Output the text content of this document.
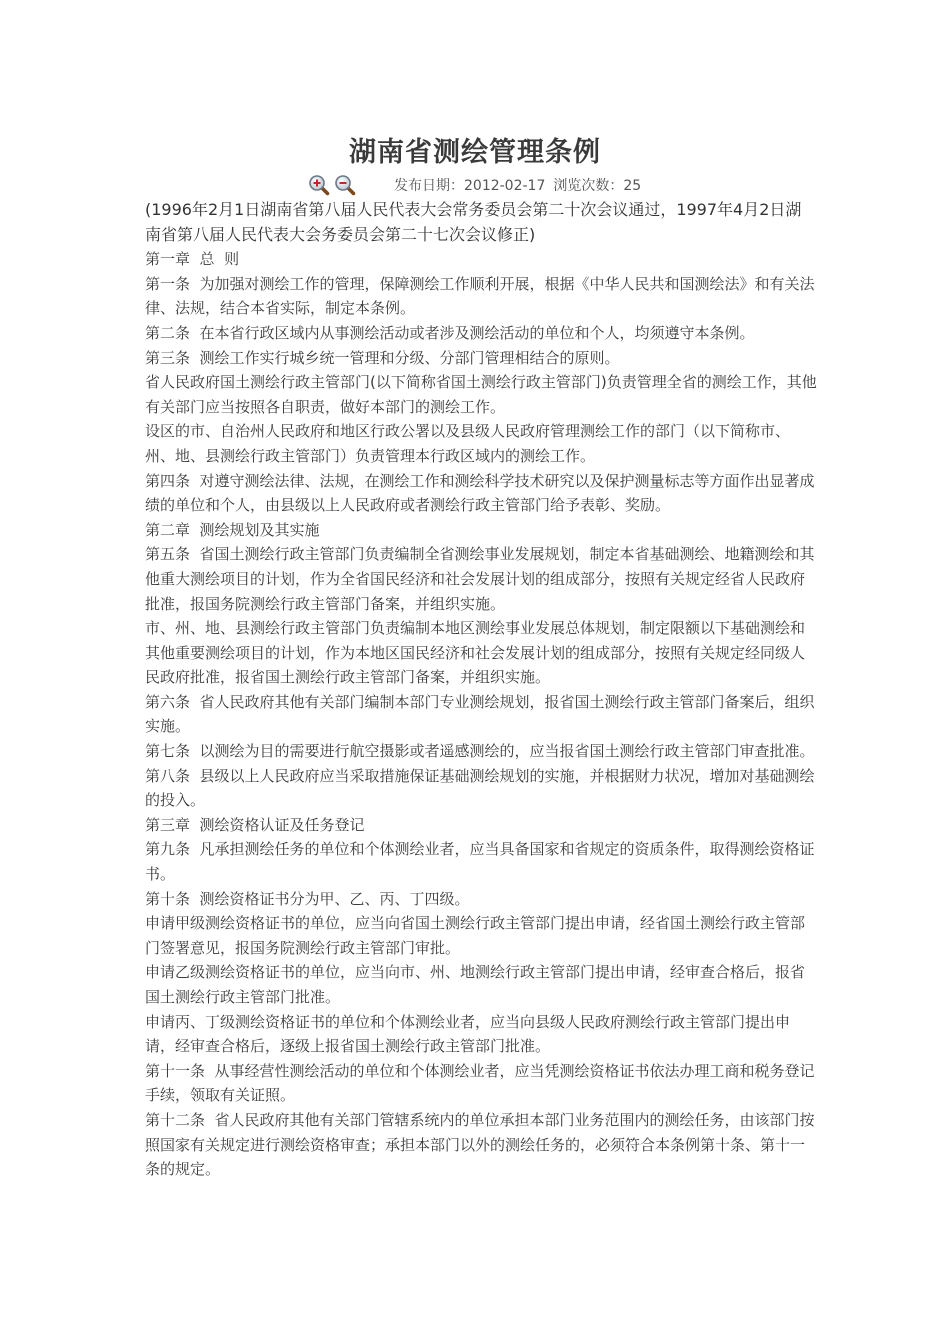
湖南省测绘管理条例
发布日期：2012-02-17 浏览次数：25

(1996年2月1日湖南省第八届人民代表大会常务委员会第二十次会议通过，1997年4月2日湖南省第八届人民代表大会务委员会第二十七次会议修正)

第一章  总  则

第一条  为加强对测绘工作的管理，保障测绘工作顺利开展，根据《中华人民共和国测绘法》和有关法律、法规，结合本省实际，制定本条例。

第二条  在本省行政区域内从事测绘活动或者涉及测绘活动的单位和个人，均须遵守本条例。

第三条  测绘工作实行城乡统一管理和分级、分部门管理相结合的原则。

省人民政府国土测绘行政主管部门(以下简称省国土测绘行政主管部门)负责管理全省的测绘工作，其他有关部门应当按照各自职责，做好本部门的测绘工作。

设区的市、自治州人民政府和地区行政公署以及县级人民政府管理测绘工作的部门（以下简称市、州、地、县测绘行政主管部门）负责管理本行政区域内的测绘工作。

第四条  对遵守测绘法律、法规，在测绘工作和测绘科学技术研究以及保护测量标志等方面作出显著成绩的单位和个人，由县级以上人民政府或者测绘行政主管部门给予表彰、奖励。

第二章  测绘规划及其实施

第五条  省国土测绘行政主管部门负责编制全省测绘事业发展规划，制定本省基础测绘、地籍测绘和其他重大测绘项目的计划，作为全省国民经济和社会发展计划的组成部分，按照有关规定经省人民政府批准，报国务院测绘行政主管部门备案，并组织实施。

市、州、地、县测绘行政主管部门负责编制本地区测绘事业发展总体规划，制定限额以下基础测绘和其他重要测绘项目的计划，作为本地区国民经济和社会发展计划的组成部分，按照有关规定经同级人民政府批准，报省国土测绘行政主管部门备案，并组织实施。

第六条  省人民政府其他有关部门编制本部门专业测绘规划，报省国土测绘行政主管部门备案后，组织实施。

第七条  以测绘为目的需要进行航空摄影或者遥感测绘的，应当报省国土测绘行政主管部门审查批准。

第八条  县级以上人民政府应当采取措施保证基础测绘规划的实施，并根据财力状况，增加对基础测绘的投入。

第三章  测绘资格认证及任务登记

第九条  凡承担测绘任务的单位和个体测绘业者，应当具备国家和省规定的资质条件，取得测绘资格证书。

第十条  测绘资格证书分为甲、乙、丙、丁四级。

申请甲级测绘资格证书的单位，应当向省国土测绘行政主管部门提出申请，经省国土测绘行政主管部门签署意见，报国务院测绘行政主管部门审批。

申请乙级测绘资格证书的单位，应当向市、州、地测绘行政主管部门提出申请，经审查合格后，报省国土测绘行政主管部门批准。

申请丙、丁级测绘资格证书的单位和个体测绘业者，应当向县级人民政府测绘行政主管部门提出申请，经审查合格后，逐级上报省国土测绘行政主管部门批准。

第十一条  从事经营性测绘活动的单位和个体测绘业者，应当凭测绘资格证书依法办理工商和税务登记手续，领取有关证照。

第十二条  省人民政府其他有关部门管辖系统内的单位承担本部门业务范围内的测绘任务，由该部门按照国家有关规定进行测绘资格审查；承担本部门以外的测绘任务的，必须符合本条例第十条、第十一条的规定。
